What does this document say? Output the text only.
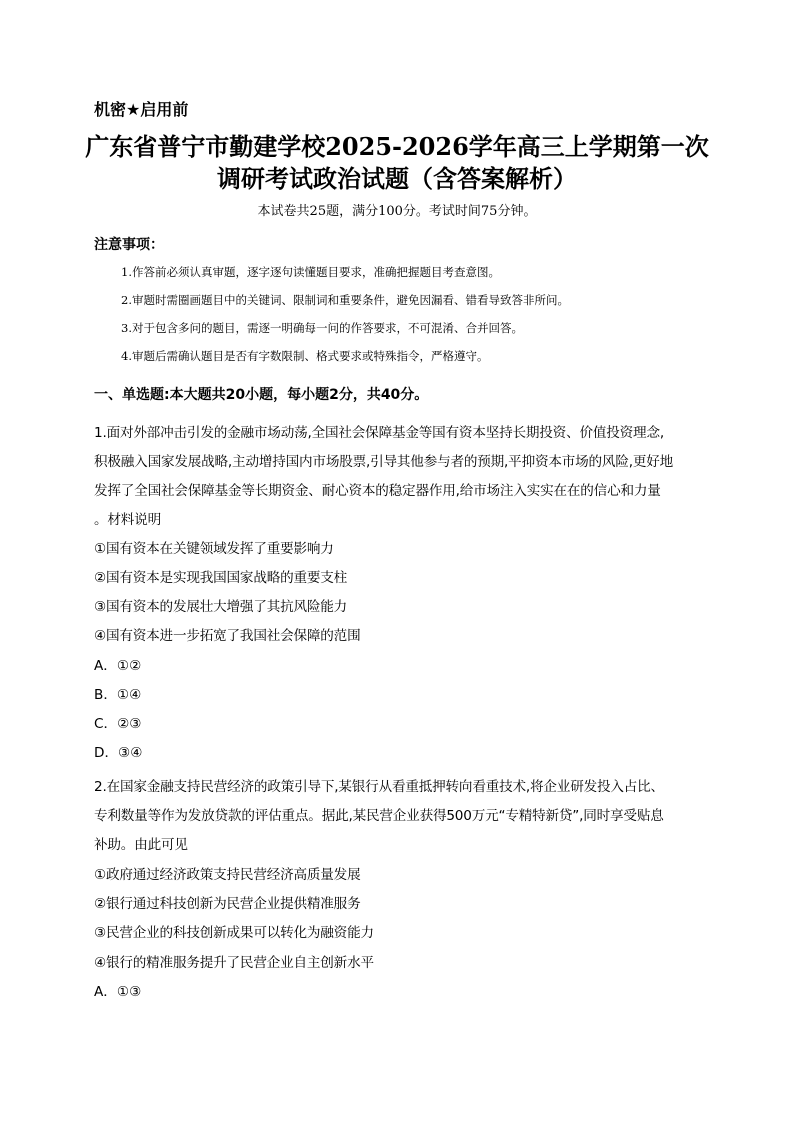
机密★启用前
广东省普宁市勤建学校2025-2026学年高三上学期第一次
调研考试政治试题（含答案解析）
本试卷共25题，满分100分。考试时间75分钟。
注意事项：
1.作答前必须认真审题，逐字逐句读懂题目要求，准确把握题目考查意图。
2.审题时需圈画题目中的关键词、限制词和重要条件，避免因漏看、错看导致答非所问。
3.对于包含多问的题目，需逐一明确每一问的作答要求，不可混淆、合并回答。
4.审题后需确认题目是否有字数限制、格式要求或特殊指令，严格遵守。
一、单选题:本大题共20小题，每小题2分，共40分。
1.面对外部冲击引发的金融市场动荡,全国社会保障基金等国有资本坚持长期投资、价值投资理念,
积极融入国家发展战略,主动增持国内市场股票,引导其他参与者的预期,平抑资本市场的风险,更好地
发挥了全国社会保障基金等长期资金、耐心资本的稳定器作用,给市场注入实实在在的信心和力量
。材料说明
①国有资本在关键领域发挥了重要影响力
②国有资本是实现我国国家战略的重要支柱
③国有资本的发展壮大增强了其抗风险能力
④国有资本进一步拓宽了我国社会保障的范围
A．①②
B．①④
C．②③
D．③④
2.在国家金融支持民营经济的政策引导下,某银行从看重抵押转向看重技术,将企业研发投入占比、
专利数量等作为发放贷款的评估重点。据此,某民营企业获得500万元“专精特新贷”,同时享受贴息
补助。由此可见
①政府通过经济政策支持民营经济高质量发展
②银行通过科技创新为民营企业提供精准服务
③民营企业的科技创新成果可以转化为融资能力
④银行的精准服务提升了民营企业自主创新水平
A．①③
